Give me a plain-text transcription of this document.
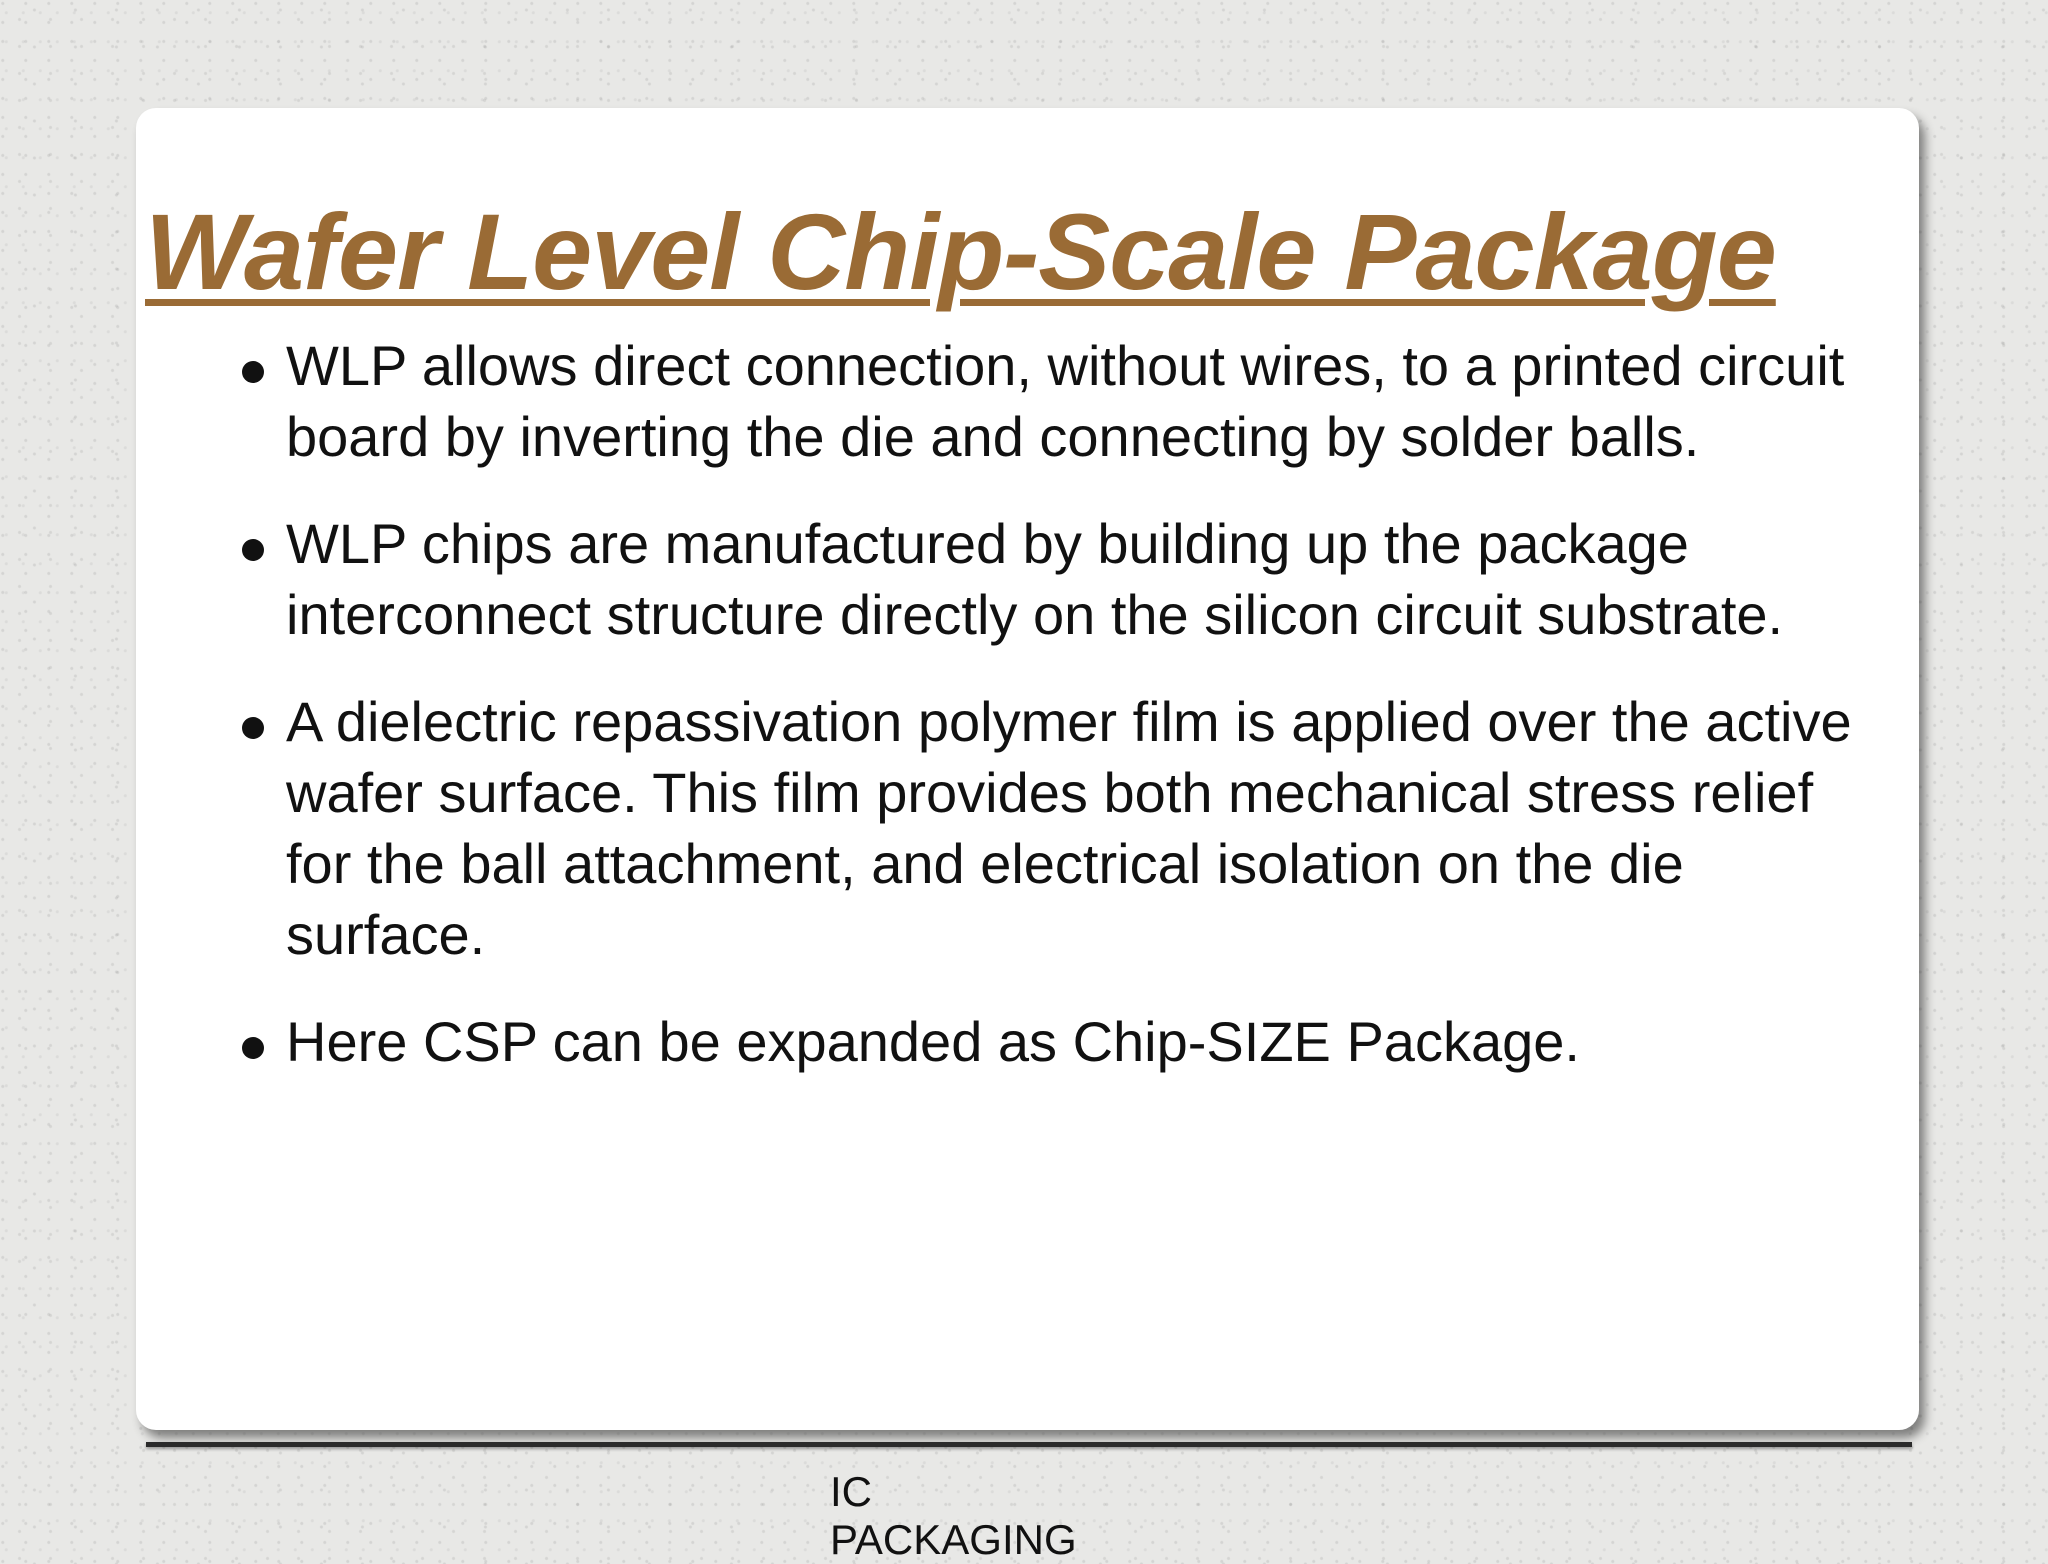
Wafer Level Chip-Scale Package
WLP allows direct connection, without wires, to a printed circuit board by inverting the die and connecting by solder balls.
WLP chips are manufactured by building up the package interconnect structure directly on the silicon circuit substrate.
A dielectric repassivation polymer film is applied over the active wafer surface. This film provides both mechanical stress relief for the ball attachment, and electrical isolation on the die surface.
Here CSP can be expanded as Chip-SIZE Package.
IC PACKAGING
